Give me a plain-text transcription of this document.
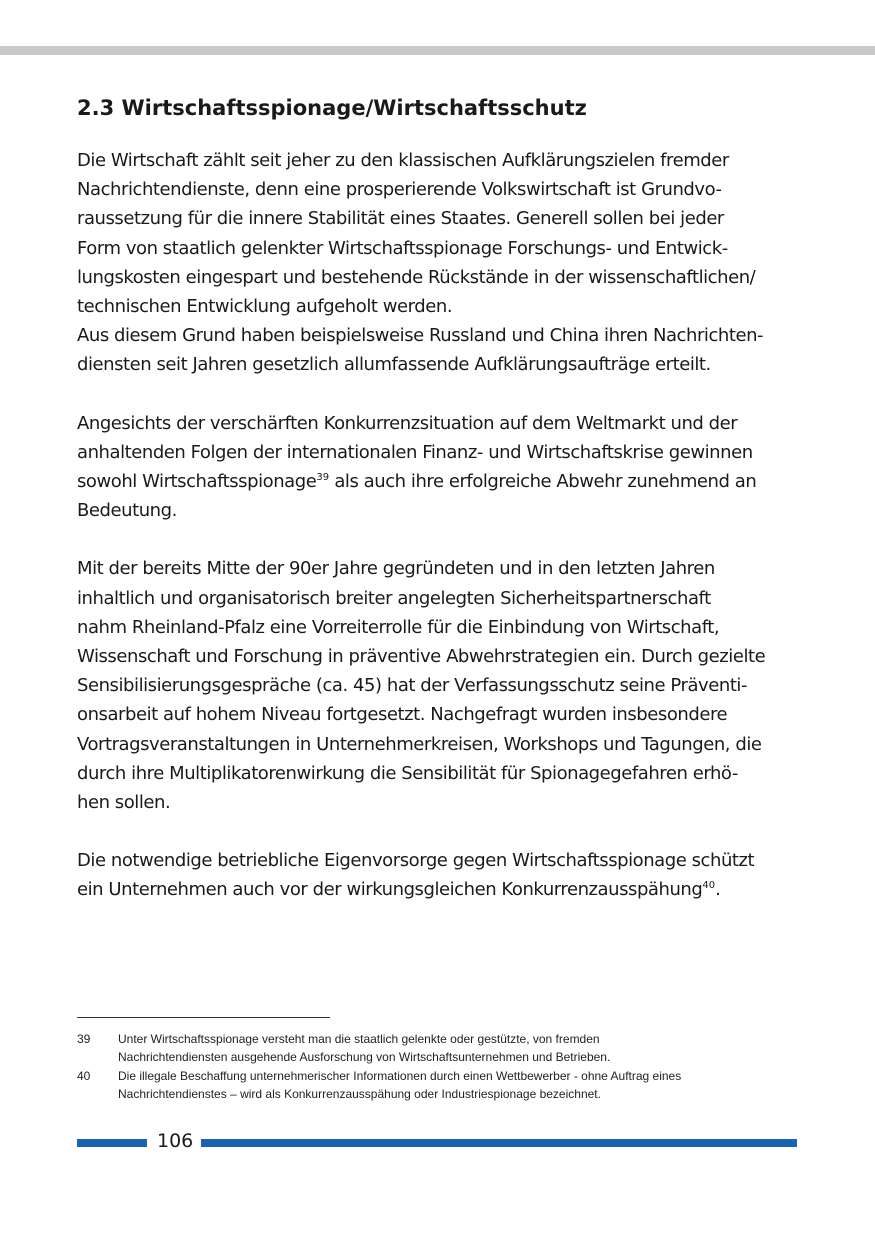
2.3 Wirtschaftsspionage/Wirtschaftsschutz

Die Wirtschaft zählt seit jeher zu den klassischen Aufklärungszielen fremder

Nachrichtendienste, denn eine prosperierende Volkswirtschaft ist Grundvo-

raussetzung für die innere Stabilität eines Staates. Generell sollen bei jeder

Form von staatlich gelenkter Wirtschaftsspionage Forschungs- und Entwick-

lungskosten eingespart und bestehende Rückstände in der wissenschaftlichen/

technischen Entwicklung aufgeholt werden.

Aus diesem Grund haben beispielsweise Russland und China ihren Nachrichten-

diensten seit Jahren gesetzlich allumfassende Aufklärungsaufträge erteilt.

Angesichts der verschärften Konkurrenzsituation auf dem Weltmarkt und der

anhaltenden Folgen der internationalen Finanz- und Wirtschaftskrise gewinnen

sowohl Wirtschaftsspionage$^{39}$ als auch ihre erfolgreiche Abwehr zunehmend an

Bedeutung.

Mit der bereits Mitte der 90er Jahre gegründeten und in den letzten Jahren

inhaltlich und organisatorisch breiter angelegten Sicherheitspartnerschaft

nahm Rheinland-Pfalz eine Vorreiterrolle für die Einbindung von Wirtschaft,

Wissenschaft und Forschung in präventive Abwehrstrategien ein. Durch gezielte

Sensibilisierungsgespräche (ca. 45) hat der Verfassungsschutz seine Präventi-

onsarbeit auf hohem Niveau fortgesetzt. Nachgefragt wurden insbesondere

Vortragsveranstaltungen in Unternehmerkreisen, Workshops und Tagungen, die

durch ihre Multiplikatorenwirkung die Sensibilität für Spionagegefahren erhö-

hen sollen.

Die notwendige betriebliche Eigenvorsorge gegen Wirtschaftsspionage schützt

ein Unternehmen auch vor der wirkungsgleichen Konkurrenzausspähung$^{40}$.

39	Unter Wirtschaftsspionage versteht man die staatlich gelenkte oder gestützte, von fremden
Nachrichtendiensten ausgehende Ausforschung von Wirtschaftsunternehmen und Betrieben.
40	Die illegale Beschaffung unternehmerischer Informationen durch einen Wettbewerber - ohne Auftrag eines
Nachrichtendienstes – wird als Konkurrenzausspähung oder Industriespionage bezeichnet.
106
